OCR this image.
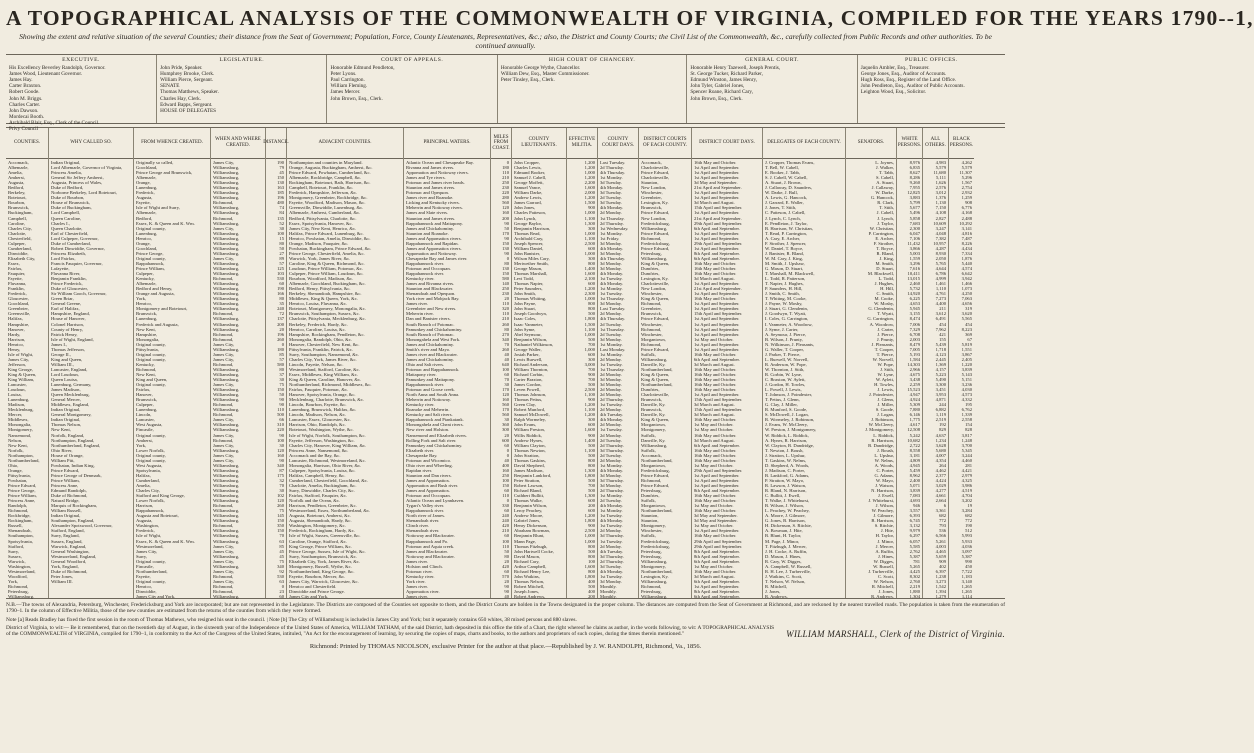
A TOPOGRAPHICAL ANALYSIS OF THE COMMONWEALTH OF VIRGINIA, COMPILED FOR THE YEARS 1790--1,
Showing the extent and relative situation of the several Counties; their distance from the Seat of Government; Population, Force, County Lieutenants, Representatives, &c.; also, the District and County Courts; the Civil List of the Commonwealth, &c., carefully collected from Public Records and other authorities. To be continued annually.
EXECUTIVE.
His Excellency Beverley Randolph, Governor.
James Wood, Lieutenant Governor.
James Hay.
Carter Braxton.
Robert Goode.
John M. Briggs.
Charles Carter.
John Dawson.
Mordecai Booth.
Archibald Blair, Esq., Clerk of the Council.
Privy Council
LEGISLATURE.
John Pride, Speaker.
Humphrey Brooke, Clerk.
William Pierce, Sergeant.
SENATE
Thomas Matthews, Speaker.
Charles Hay, Clerk.
Edward Bapps, Sergeant.
HOUSE OF DELEGATES
COURT OF APPEALS.
Honorable Edmund Pendleton,
Peter Lyons.
Paul Carrington.
William Fleming.
James Mercer.
John Brown, Esq., Clerk.
HIGH COURT OF CHANCERY.
Honorable George Wythe, Chancellor.
William Dew, Esq., Master Commissioner.
Peter Tinsley, Esq., Clerk.
GENERAL COURT.
Honorable Henry Tazewell, Joseph Prentis,
St. George Tucker, Richard Parker,
Edmund Winston, James Henry,
John Tyler, Gabriel Jones,
Spencer Roane, Richard Cary,
John Brown, Esq., Clerk.
PUBLIC OFFICES.
Jaquelin Ambler, Esq., Treasurer.
George Jones, Esq., Auditor of Accounts.
Hugh Ross, Esq., Register of the Land Office.
John Pendleton, Esq., Auditor of Public Accounts.
Leighton Wood, Esq., Solicitor.
COUNTIES.
Accomack,
Albemarle,
Amelia,
Amherst,
Augusta,
Bedford,
Berkeley,
Botetourt,
Bourbon,
Brunswick,
Buckingham,
Campbell,
Caroline,
Charles City,
Charlotte,
Chesterfield,
Culpeper,
Cumberland,
Dinwiddie,
Elizabeth City,
Essex,
Fairfax,
Fauquier,
Fayette,
Fluvanna,
Franklin,
Frederick,
Gloucester,
Goochland,
Greenbrier,
Greensville,
Halifax,
Hampshire,
Hanover,
Hardy,
Harrison,
Henrico,
Henry,
Isle of Wight,
James City,
Jefferson,
King George,
King & Queen,
King William,
Lancaster,
Loudoun,
Louisa,
Lunenburg,
Madison,
Mecklenburg,
Mercer,
Middlesex,
Monongalia,
Montgomery,
Nansemond,
Nelson,
New Kent,
Norfolk,
Northampton,
Northumberland,
Ohio,
Orange,
Pittsylvania,
Powhatan,
Prince Edward,
Prince George,
Prince William,
Princess Anne,
Randolph,
Richmond,
Rockbridge,
Rockingham,
Russell,
Shenandoah,
Southampton,
Spotsylvania,
Stafford,
Surry,
Sussex,
Warwick,
Washington,
Westmoreland,
Woodford,
York,
Richmond,
Petersburg,
Williamsburg.
WHY CALLED SO.
Indian Original,
Lord Albemarle, Governor of Virginia,
Princess Amelia,
General Sir Jeffery Amherst,
Augusta, Princess of Wales,
Duke of Bedford,
Norborne Berkeley, Lord Botetourt,
Duke of Bourbon,
House of Brunswick,
Duke of Buckingham,
Lord Campbell,
Queen Caroline,
Charles I.,
Queen Charlotte,
Earl of Chesterfield,
Lord Culpeper, Governor,
Duke of Cumberland,
Robert Dinwiddie, Governor,
Princess Elizabeth,
Lord Fairfax,
Francis Fauquier, Governor,
Lafayette,
Fluvanna River,
Benjamin Franklin,
Prince Frederick,
Duke of Gloucester,
Sir William Gooch, Governor,
Green Briar,
General Greene,
Earl of Halifax,
Hampshire, England,
House of Hanover,
Colonel Harrison,
County of Henry,
Patrick Henry,
Isle of Wight, England,
James I.,
Thomas Jefferson,
George II.,
King and Queen,
William III.,
Lancaster, England,
Lord Loudoun,
Queen Louisa,
Lunenburg, Germany,
James Madison,
Queen Mecklenburg,
General Mercer,
Middlesex, England,
Indian Original,
General Montgomery,
Indian Original,
Thomas Nelson,
New Kent,
Norfolk, England,
Northampton, England,
Northumberland, England,
Ohio River,
House of Orange,
William Pitt,
Powhatan, Indian King,
Prince Edward,
Prince George of Denmark,
Prince William,
Princess Anne,
Edmund Randolph,
Duke of Richmond,
Natural Bridge,
Marquis of Rockingham,
William Russell,
Indian Original,
Southampton, England,
Alexander Spotswood, Governor,
Stafford, England,
Surry, England,
Sussex, England,
Warwick, England,
General Washington,
Westmoreland, England,
General Woodford,
York, England,
Duke of Richmond,
Peter Jones,
William III.
FROM WHENCE CREATED.
Originally so called,
Goochland,
Prince George and Brunswick,
Albemarle,
Orange,
Lunenburg,
Frederick,
Augusta,
Fayette,
Isle of Wight and Surry,
Albemarle,
Bedford,
Essex, K. & Queen and K. Wm.
Original county,
Lunenburg,
Henrico,
Orange,
Goochland,
Prince George,
Original county,
Rappahannock,
Prince William,
Culpeper,
Kentucky,
Albemarle,
Bedford and Henry,
Orange and Augusta,
York,
Henrico,
Montgomery and Botetourt,
Brunswick,
Lunenburg,
Frederick and Augusta,
New Kent,
Hampshire,
Monongalia,
Original county,
Pittsylvania,
Original county,
Original county,
Kentucky,
Richmond,
New Kent,
King and Queen,
Original county,
Fairfax,
Hanover,
Brunswick,
Culpeper,
Lunenburg,
Lincoln,
Lancaster,
West Augusta,
Fincastle,
Original county,
Amherst,
York,
Lower Norfolk,
Original county,
Original county,
West Augusta,
Spotsylvania,
Halifax,
Cumberland,
Amelia,
Charles City,
Stafford and King George,
Lower Norfolk,
Harrison,
Rappahannock,
Augusta and Botetourt,
Augusta,
Washington,
Frederick,
Isle of Wight,
Essex, K. & Queen and K. Wm.
Westmoreland,
James City,
Surry,
Original county,
Fincastle,
Northumberland,
Fayette,
Original county,
Henrico,
Dinwiddie,
James City and York.
WHEN AND WHERE CREATED.
James City,
Williamsburg,
Williamsburg,
Williamsburg,
Williamsburg,
Williamsburg,
Williamsburg,
Williamsburg,
Richmond,
Williamsburg,
Williamsburg,
Richmond,
Williamsburg,
James City,
Williamsburg,
Williamsburg,
Williamsburg,
Williamsburg,
Williamsburg,
James City,
Williamsburg,
Williamsburg,
Williamsburg,
Richmond,
Williamsburg,
Williamsburg,
Williamsburg,
Williamsburg,
Williamsburg,
Williamsburg,
Richmond,
Williamsburg,
Williamsburg,
Williamsburg,
Richmond,
Richmond,
James City,
Williamsburg,
James City,
James City,
Richmond,
Williamsburg,
Williamsburg,
Williamsburg,
James City,
Williamsburg,
Williamsburg,
Williamsburg,
Richmond,
Williamsburg,
Richmond,
James City,
Williamsburg,
Williamsburg,
James City,
Richmond,
James City,
Williamsburg,
James City,
James City,
Williamsburg,
Williamsburg,
Williamsburg,
Williamsburg,
Williamsburg,
Williamsburg,
Williamsburg,
Williamsburg,
Richmond,
Williamsburg,
Williamsburg,
Williamsburg,
Richmond,
Williamsburg,
Williamsburg,
Williamsburg,
James City,
James City,
Williamsburg,
James City,
Williamsburg,
James City,
Richmond,
James City,
Richmond,
Richmond,
Williamsburg,
DISTANCE.
190
79
45
150
130
163
185
196
480
74
84
135
52
30
100
15
80
50
27
89
57
125
103
530
60
190
166
80
35
240
72
137
200
20
196
260
0
180
85
57
580
80
37
30
75
150
50
90
90
110
500
66
310
220
90
100
30
120
160
90
340
87
175
32
70
30
102
120
260
75
145
150
350
150
70
63
85
45
45
75
340
92
530
63
0
23
60
ADJACENT COUNTIES.
Northampton and counties in Maryland.
Orange, Augusta, Buckingham, Amherst, &c.
Prince Edward, Powhatan, Cumberland, &c.
Albemarle, Rockbridge, Campbell, &c.
Rockingham, Botetourt, Bath, Harrison, &c.
Campbell, Botetourt, Franklin, &c.
Frederick, Hampshire, Jefferson, &c.
Montgomery, Greenbrier, Rockbridge, &c.
Fayette, Woodford, Madison, Mason, &c.
Greensville, Dinwiddie, Lunenburg, &c.
Albemarle, Amherst, Cumberland, &c.
Bedford, Pittsylvania, Charlotte, &c.
Essex, Spotsylvania, Hanover, &c.
James City, New Kent, Henrico, &c.
Halifax, Prince Edward, Lunenburg, &c.
Henrico, Powhatan, Amelia, Dinwiddie, &c.
Orange, Madison, Fauquier, &c.
Powhatan, Buckingham, Prince Edward, &c.
Prince George, Chesterfield, Amelia, &c.
Warwick, York, James River, &c.
Caroline, King & Queen, Richmond, &c.
Loudoun, Prince William, Potomac, &c.
Culpeper, Prince William, Loudoun, &c.
Bourbon, Woodford, Madison, &c.
Albemarle, Goochland, Buckingham, &c.
Bedford, Henry, Pittsylvania, &c.
Berkeley, Shenandoah, Hampshire, &c.
Middlesex, King & Queen, York, &c.
Henrico, Louisa, Fluvanna, &c.
Botetourt, Montgomery, Monongalia, &c.
Brunswick, Southampton, Sussex, &c.
Charlotte, Pittsylvania, Mecklenburg, &c.
Berkeley, Frederick, Hardy, &c.
Henrico, Caroline, Louisa, &c.
Hampshire, Rockingham, Pendleton, &c.
Monongalia, Randolph, Ohio, &c.
Hanover, Chesterfield, New Kent, &c.
Pittsylvania, Franklin, Patrick, &c.
Surry, Southampton, Nansemond, &c.
Charles City, York, James River, &c.
Lincoln, Fayette, Nelson, &c.
Westmoreland, Stafford, Caroline, &c.
Essex, Middlesex, King William, &c.
King & Queen, Caroline, Hanover, &c.
Northumberland, Richmond, Middlesex, &c.
Fairfax, Fauquier, Potomac, &c.
Hanover, Spotsylvania, Orange, &c.
Mecklenburg, Charlotte, Brunswick, &c.
Lincoln, Bourbon, Fayette, &c.
Lunenburg, Brunswick, Halifax, &c.
Lincoln, Madison, Nelson, &c.
Lancaster, Essex, Gloucester, &c.
Harrison, Ohio, Randolph, &c.
Botetourt, Washington, Wythe, &c.
Isle of Wight, Norfolk, Southampton, &c.
Fayette, Jefferson, Washington, &c.
Charles City, Hanover, King William, &c.
Princess Anne, Nansemond, &c.
Accomack and the Bay, &c.
Lancaster, Richmond, Westmoreland, &c.
Monongalia, Harrison, Ohio River, &c.
Culpeper, Spotsylvania, Louisa, &c.
Halifax, Campbell, Henry, &c.
Cumberland, Chesterfield, Goochland, &c.
Charlotte, Amelia, Buckingham, &c.
Surry, Dinwiddie, Charles City, &c.
Fairfax, Stafford, Fauquier, &c.
Norfolk and the Ocean, &c.
Harrison, Pendleton, Greenbrier, &c.
Westmoreland, Essex, Northumberland, &c.
Augusta, Botetourt, Amherst, &c.
Augusta, Shenandoah, Hardy, &c.
Washington, Montgomery, &c.
Frederick, Rockingham, Hardy, &c.
Isle of Wight, Sussex, Greensville, &c.
Caroline, Orange, Stafford, &c.
King George, Prince William, &c.
Prince George, Sussex, Isle of Wight, &c.
Surry, Southampton, Brunswick, &c.
Elizabeth City, York, James River, &c.
Montgomery, Russell, Wythe, &c.
Northumberland, King George, &c.
Fayette, Bourbon, Mercer, &c.
James City, Warwick, Gloucester, &c.
Henrico and Chesterfield.
Dinwiddie and Prince George.
James City and York.
PRINCIPAL WATERS.
Atlantic Ocean and Chesapeake Bay.
Rivanna and James rivers.
Appomattox and Nottoway rivers.
James and Tye rivers.
Potomac and James river heads.
Staunton and James rivers.
Potomac and Opequon.
James river and Roanoke.
Licking and Kentucky rivers.
Meherrin and Nottoway rivers.
James and Slate rivers.
Staunton and James rivers.
Rappahannock and Mattapony.
James and Chickahominy.
Staunton and Roanoke.
James and Appomattox rivers.
Rappahannock and Rapidan.
James and Appomattox rivers.
Appomattox and Nottoway.
Chesapeake Bay and James river.
Rappahannock river.
Potomac and Occoquan.
Rappahannock river.
Kentucky river.
James and Rivanna rivers.
Staunton and Blackwater.
Shenandoah and Opequon.
York river and Mobjack Bay.
James river.
Greenbrier and New rivers.
Meherrin river.
Dan and Banister rivers.
South Branch of Potomac.
Pamunkey and Chickahominy.
South Branch of Potomac.
Monongahela and West Fork.
James and Chickahominy.
Smith's river and Mayo.
James river and Blackwater.
James and Chickahominy.
Ohio and Salt rivers.
Potomac and Rappahannock.
Mattapony river.
Pamunkey and Mattapony.
Rappahannock river.
Potomac and Goose creek.
North Anna and South Anna.
Meherrin and Nottoway.
Kentucky river.
Roanoke and Meherrin.
Kentucky and Salt rivers.
Rappahannock and Piankatank.
Monongahela and Cheat rivers.
New river and Holston.
Nansemond and Elizabeth rivers.
Rolling Fork and Salt river.
Pamunkey and Chickahominy.
Elizabeth river.
Chesapeake Bay.
Potomac and Wicomico.
Ohio river and Wheeling.
Rapidan river.
Staunton and Dan rivers.
James and Appomattox.
Appomattox and Bush river.
James and Appomattox.
Potomac and Occoquan.
Atlantic Ocean and Lynnhaven.
Tygart's Valley river.
Rappahannock river.
North river of James.
Shenandoah river.
Clinch river.
Shenandoah river.
Nottoway and Blackwater.
Rappahannock and Po.
Potomac and Aquia creek.
James and Blackwater.
Nottoway and Blackwater.
James river.
Holston and Clinch.
Potomac river.
Kentucky river.
York river.
James river.
Appomattox river.
James river.
MILES FROM COAST.
0
180
110
210
250
230
220
280
560
120
160
200
90
50
170
90
150
130
90
0
80
130
150
580
140
250
230
20
110
320
110
210
260
80
270
340
70
260
40
40
640
100
60
70
30
170
120
160
560
170
560
30
360
300
20
600
60
0
0
40
400
160
250
100
150
60
110
0
330
60
240
240
420
210
60
100
110
50
80
20
420
60
570
20
90
90
40
COUNTY LIEUTENANTS.
John Cropper,
Charles Lewis,
Edmund Booker,
Samuel J. Cabell,
George Moffett,
Samuel Vance,
William Darke,
Andrew Lewis,
James Garrard,
John Jones,
Charles Patteson,
John Lynch,
George Baylor,
Benjamin Harrison,
Thomas Read,
Archibald Cary,
Joseph Spencer,
William Daniel,
John Banister,
Wilson Miles Cary,
Meriwether Smith,
George Mason,
Thomas Marshall,
Levi Todd,
Thomas Napier,
Peter Saunders,
John Smith,
Thomas Whiting,
John Payne,
John Stuart,
Joseph Goodwyn,
Isaac Coles,
Isaac Vanmeter,
John Syme,
Abel Seymour,
Benjamin Wilson,
Nathaniel Wilkinson,
George Waller,
Josiah Parker,
Lewis Burwell,
Richard Anderson,
William Thornton,
Richard Corbin,
Carter Braxton,
James Gordon,
Leven Powell,
Thomas Johnson,
Thomas Pettus,
Green Clay,
Robert Munford,
Samuel McDowell,
Ralph Wormeley,
John Evans,
William Preston,
Willis Riddick,
Andrew Hynes,
William Clayton,
Thomas Newton,
John Stratton,
Thomas Gaskins,
David Shepherd,
James Madison,
Benjamin Lankford,
Peter Stratton,
Robert Lawson,
Richard Bland,
Cuthbert Bullitt,
Thomas Walke,
Benjamin Wilson,
Leroy Peachey,
Andrew Moore,
Gabriel Jones,
Henry Dickenson,
Abraham Bowman,
Benjamin Blunt,
Mann Page,
Thomas Fitzhugh,
John Hartwell Cocke,
David Mason,
Richard Cary,
Arthur Campbell,
Richard Henry Lee,
John Watkins,
Thomas Nelson,
Robert Mitchell,
Joseph Jones,
Robert Andrews,
EFFECTIVE MILITIA.
1,200
1,200
1,000
1,200
2,200
1,600
2,000
1,200
1,500
900
1,000
1,100
1,300
300
1,000
1,100
2,500
600
1,000
300
800
1,400
1,600
2,100
600
1,200
2,300
1,000
800
800
500
1,800
1,500
1,100
1,000
500
700
1,000
600
300
3,000
700
900
700
500
2,500
1,100
900
1,200
1,100
1,200
300
600
1,600
900
1,400
500
1,100
500
800
800
1,300
1,800
500
700
500
1,300
600
200
600
1,200
1,800
900
2,500
1,000
1,000
800
500
800
100
1,600
800
1,800
400
500
400
200
COUNTY COURT DAYS.
Last Tuesday.
2d Thursday.
4th Thursday.
1st Monday.
3d Tuesday.
4th Monday.
3d Tuesday.
2d Tuesday.
3d Tuesday.
4th Monday.
2d Monday.
1st Thursday.
2d Thursday.
1st Wednesday.
1st Monday.
1st Friday.
3d Monday.
4th Monday.
3d Monday.
4th Thursday.
3d Monday.
3d Monday.
4th Monday.
1st Tuesday.
4th Monday.
1st Monday.
1st Tuesday.
1st Thursday.
3d Monday.
Last Tuesday.
2d Monday.
4th Thursday.
2d Tuesday.
1st Thursday.
2d Tuesday.
3d Monday.
1st Monday.
Last Monday.
1st Monday.
2d Monday.
1st Tuesday.
1st Thursday.
2d Monday.
3d Monday.
3d Monday.
2d Monday.
2d Monday.
2d Thursday.
1st Tuesday.
2d Monday.
4th Tuesday.
4th Monday.
2d Monday.
1st Tuesday.
2d Monday.
2d Tuesday.
2d Thursday.
3d Thursday.
2d Tuesday.
2d Monday.
1st Monday.
4th Monday.
3d Monday.
3d Thursday.
3d Monday.
2d Thursday.
1st Monday.
2d Tuesday.
4th Monday.
1st Monday.
1st Tuesday.
4th Monday.
1st Tuesday.
2d Monday.
3d Thursday.
1st Tuesday.
2d Monday.
4th Tuesday.
3d Thursday.
2d Thursday.
3d Tuesday.
4th Monday.
1st Tuesday.
3d Monday.
Monthly.
Monthly.
Monthly.
DISTRICT COURTS OF EACH COUNTY.
Accomack,
Charlottesville,
Prince Edward,
Charlottesville,
Staunton,
New London,
Winchester,
Greenbrier,
Lexington, Ky.
Brunswick,
Prince Edward,
New London,
Fredericksburg,
Williamsburg,
Prince Edward,
Richmond,
Fredericksburg,
Prince Edward,
Petersburg,
Williamsburg,
King & Queen,
Dumfries,
Dumfries,
Lexington, Ky.
Charlottesville,
New London,
Winchester,
King & Queen,
Richmond,
Greenbrier,
Brunswick,
Prince Edward,
Winchester,
Richmond,
Winchester,
Morgantown,
Richmond,
Prince Edward,
Suffolk,
Williamsburg,
Danville, Ky.
Northumberland,
King & Queen,
King & Queen,
Northumberland,
Dumfries,
Charlottesville,
Brunswick,
Danville, Ky.
Brunswick,
Danville, Ky.
King & Queen,
Morgantown,
Montgomery,
Suffolk,
Danville, Ky.
Williamsburg,
Suffolk,
Accomack,
Northumberland,
Morgantown,
Fredericksburg,
Prince Edward,
Richmond,
Prince Edward,
Petersburg,
Dumfries,
Suffolk,
Morgantown,
Northumberland,
Staunton,
Staunton,
Montgomery,
Winchester,
Suffolk,
Fredericksburg,
Fredericksburg,
Petersburg,
Petersburg,
Williamsburg,
Montgomery,
Northumberland,
Lexington, Ky.
Williamsburg,
Richmond,
Petersburg,
Williamsburg.
DISTRICT COURT DAYS.
16th May and October.
1st April and September.
1st April and September.
1st April and September.
3d May and September.
21st April and September.
1st April and September.
1st April and September.
3d March and August.
15th April and September.
1st April and September.
21st April and September.
29th April and September.
6th April and September.
1st April and September.
1st April and September.
29th April and September.
1st April and September.
8th April and September.
6th April and September.
16th May and October.
16th May and October.
16th May and October.
3d March and August.
1st April and September.
21st April and September.
1st April and September.
16th May and October.
1st April and September.
1st April and September.
15th April and September.
1st April and September.
1st April and September.
1st April and September.
1st April and September.
1st May and October.
1st April and September.
1st April and September.
16th May and October.
6th April and September.
3d March and August.
16th May and October.
16th May and October.
16th May and October.
16th May and October.
16th May and October.
1st April and September.
15th April and September.
3d March and August.
15th April and September.
3d March and August.
16th May and October.
1st May and October.
1st May and October.
16th May and October.
3d March and August.
6th April and September.
16th May and October.
16th May and October.
16th May and October.
1st May and October.
29th April and September.
1st April and September.
1st April and September.
1st April and September.
8th April and September.
16th May and October.
16th May and October.
1st May and October.
16th May and October.
3d May and September.
3d May and September.
1st May and October.
1st April and September.
16th May and October.
29th April and September.
29th April and September.
8th April and September.
8th April and September.
6th April and September.
1st May and October.
16th May and October.
3d March and August.
6th April and September.
1st April and September.
8th April and September.
6th April and September.
DELEGATES OF EACH COUNTY.
J. Cropper, Thomas Evans,
T. Bell, W. Cabell,
E. Booker, J. Tabb,
S. J. Cabell, W. Cabell,
A. Stuart, J. Brown,
J. Callaway, D. Saunders,
W. Darke, J. Bull,
A. Lewis, G. Hancock,
J. Garrard, E. Waller,
J. Jones, T. Stith,
C. Patteson, J. Cabell,
J. Lynch, C. Lynch,
E. Pendleton, J. Taylor,
B. Harrison, W. Christian,
T. Read, P. Carrington,
A. Cary, E. Archer,
F. Strother, J. Spencer,
W. Daniel, T. Boyce,
J. Banister, R. Bland,
W. M. Cary, J. King,
M. Smith, J. Upshaw,
G. Mason, D. Stuart,
T. Marshall, M. Blackwell,
L. Todd, R. Patterson,
T. Napier, J. Hughes,
P. Saunders, H. Hill,
J. Smith, C. Smith,
T. Whiting, M. Cooke,
J. Payne, W. Mosby,
J. Stuart, G. Clendenin,
J. Goodwyn, T. Wyatt,
I. Coles, G. Carrington,
I. Vanmeter, A. Woodrow,
J. Syme, J. Carter,
A. Seymour, J. Pierce,
B. Wilson, J. Prunty,
N. Wilkinson, J. Pleasants,
G. Waller, T. Cooper,
J. Parker, T. Pierce,
L. Burwell, W. Norvell,
R. Anderson, W. Pope,
W. Thornton, J. Stith,
R. Corbin, W. Lyne,
C. Braxton, W. Aylett,
J. Gordon, H. Towles,
L. Powell, J. Lewis,
T. Johnson, J. Poindexter,
T. Pettus, J. Glenn,
G. Clay, J. Miller,
R. Munford, S. Goode,
S. McDowell, J. Logan,
R. Wormeley, J. Robinson,
J. Evans, W. McCleery,
W. Preston, J. Montgomery,
W. Riddick, L. Riddick,
A. Hynes, R. Harrison,
W. Clayton, B. Dandridge,
T. Newton, J. Boush,
J. Stratton, L. Upshur,
T. Gaskins, W. Nelms,
D. Shepherd, A. Woods,
J. Madison, C. Porter,
B. Lankford, G. Adams,
P. Stratton, W. Mayo,
R. Lawson, J. Watson,
R. Bland, N. Harrison,
C. Bullitt, J. Ewell,
T. Walke, J. Whitehurst,
B. Wilson, J. Wilson,
L. Peachey, W. Peachey,
A. Moore, J. Gilmore,
G. Jones, B. Harrison,
H. Dickenson, S. Ritchie,
A. Bowman, J. Hite,
B. Blunt, H. Taylor,
M. Page, J. Minor,
T. Fitzhugh, J. Mercer,
J. H. Cocke, A. Ruffin,
D. Mason, J. Hines,
R. Cary, W. Digges,
A. Campbell, W. Russell,
R. H. Lee, J. Turberville,
J. Watkins, C. Scott,
T. Nelson, W. Nelson,
R. Mitchell,
J. Jones,
R. Andrews.
SENATORS.
L. Joynes,
J. Walker,
T. Tabb,
S. Cabell,
A. Stuart,
J. Callaway,
W. Darke,
G. Hancock,
R. Clark,
T. Stith,
J. Cabell,
J. Lynch,
J. Taylor,
W. Christian,
P. Carrington,
E. Archer,
F. Strother,
T. Boyce,
R. Bland,
J. King,
M. Smith,
D. Stuart,
M. Blackwell,
L. Todd,
J. Hughes,
H. Hill,
C. Smith,
M. Cooke,
W. Mosby,
G. Clendenin,
T. Wyatt,
G. Carrington,
A. Woodrow,
J. Carter,
J. Pierce,
J. Prunty,
J. Pleasants,
T. Cooper,
T. Pierce,
W. Norvell,
W. Pope,
J. Stith,
W. Lyne,
W. Aylett,
H. Towles,
J. Lewis,
J. Poindexter,
J. Glenn,
J. Miller,
S. Goode,
J. Logan,
J. Robinson,
W. McCleery,
J. Montgomery,
L. Riddick,
R. Harrison,
B. Dandridge,
J. Boush,
L. Upshur,
W. Nelms,
A. Woods,
C. Porter,
G. Adams,
W. Mayo,
J. Watson,
N. Harrison,
J. Ewell,
J. Whitehurst,
J. Wilson,
W. Peachey,
J. Gilmore,
B. Harrison,
S. Ritchie,
J. Hite,
H. Taylor,
J. Minor,
J. Mercer,
A. Ruffin,
J. Hines,
W. Digges,
W. Russell,
J. Turberville,
C. Scott,
W. Nelson,
R. Mitchell,
J. Jones,
R. Andrews.
WHITE PERSONS.
8,976
6,835
8,627
8,286
9,260
7,955
12,825
3,883
5,799
5,677
5,496
5,858
7,683
2,300
6,047
7,106
11,432
3,866
5,003
1,559
3,296
7,616
10,411
13,015
2,460
5,732
14,920
6,225
4,653
5,945
3,155
8,474
7,006
7,329
6,708
2,003
8,479
7,005
5,193
1,584
14,303
2,966
4,675
3,438
2,259
15,523
4,947
4,924
5,309
7,880
6,146
1,775
4,617
12,508
5,242
10,682
2,722
8,558
3,181
4,809
4,945
5,459
8,962
2,400
5,071
3,839
7,083
4,693
946
3,557
6,393
6,745
3,132
9,979
6,297
6,057
5,585
2,762
5,387
781
5,265
4,425
8,302
2,760
2,219
1,880
1,304
ALL OTHERS.
4,983
5,579
11,680
5,111
1,626
2,576
3,012
1,376
1,130
7,150
4,108
2,827
10,609
3,247
4,048
7,382
10,957
4,287
8,930
2,050
5,765
4,644
6,786
4,999
1,461
1,110
4,761
7,273
4,400
211
3,612
6,491
454
7,962
421
155
5,439
1,718
4,123
2,445
1,369
4,157
5,223
5,490
3,300
3,451
3,953
4,871
244
6,882
1,119
2,519
192
829
4,637
1,234
3,628
5,680
4,007
4,354
264
4,462
2,377
4,424
3,029
4,277
4,661
2,664
6
3,361
682
772
793
536
6,566
5,261
4,003
4,465
5,659
909
402
6,397
1,238
3,273
1,542
1,394
1,279
BLACK PERSONS.
4,262
5,579
11,307
5,296
1,567
2,754
2,932
1,259
908
6,776
4,168
2,488
10,292
3,141
4,816
7,487
8,226
4,434
7,334
1,876
5,440
4,574
6,642
3,942
1,466
1,073
4,250
7,063
4,656
319
3,620
5,565
454
8,223
369
67
5,819
1,551
3,867
2,405
1,220
3,839
5,143
5,151
3,236
4,030
4,573
4,332
195
6,762
1,339
2,558
154
828
3,817
1,248
3,700
5,345
3,244
4,460
281
4,421
2,979
4,325
3,986
4,519
4,704
3,202
19
3,284
682
772
190
512
5,993
5,933
4,036
3,097
5,387
990
450
7,722
1,183
3,140
1,265
1,265
1,114
N.B.—The towns of Alexandria, Petersburg, Winchester, Fredericksburg and York are incorporated; but are not represented in the Legislature. The Districts are composed of the Counties set opposite to them, and the District Courts are holden in the Towns designated in the proper column. The distances are computed from the Seat of Government at Richmond, and are reckoned by the nearest travelled roads. The population is taken from the enumeration of 1790–1. In the column of Effective Militia, those of the new counties are estimated from the returns of the counties from which they were formed.
Note [a] Reads Bradley has fixed the first session in the room of Thomas Mathews, who resigned his seat in the council. | Note [b] The City of Williamsburg is included in James City and York; but it separately contains 650 whites, 38 mixed persons and 880 slaves.
District of Virginia, to wit:— Be it remembered, that on the twentieth day of August, in the sixteenth year of the Independence of the United States of America, WILLIAM TATHAM, of the said District, hath deposited in this office the title of a Chart, the right whereof he claims as author, in the words following, to wit: A TOPOGRAPHICAL ANALYSIS of the COMMONWEALTH of VIRGINIA, compiled for 1790–1, in conformity to the Act of the Congress of the United States, intituled, "An Act for the encouragement of learning, by securing the copies of maps, charts and books, to the authors and proprietors of such copies, during the times therein mentioned."	WILLIAM MARSHALL, Clerk of the District of Virginia.
Richmond: Printed by THOMAS NICOLSON, exclusive Printer for the author at that place.—Republished by J. W. RANDOLPH, Richmond, Va., 1856.
